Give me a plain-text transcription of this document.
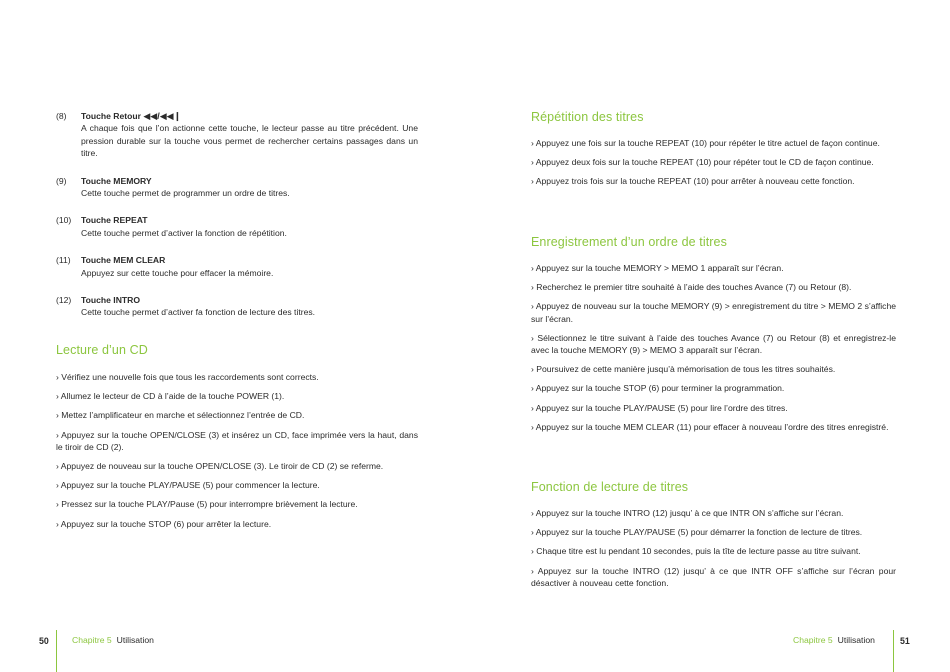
(8)	Touche Retour ◀◀/◀◀❙
A chaque fois que l’on actionne cette touche, le lecteur passe au titre précédent. Une pression durable sur la touche vous permet de rechercher certains passages dans un titre.
(9)	Touche MEMORY
Cette touche permet de programmer un ordre de titres.
(10)	Touche REPEAT
Cette touche permet d’activer la fonction de répétition.
(11)	Touche MEM CLEAR
Appuyez sur cette touche pour effacer la mémoire.
(12)	Touche INTRO
Cette touche permet d’activer fa fonction de lecture des titres.
Lecture d’un CD
› Vérifiez une nouvelle fois que tous les raccordements sont corrects.
› Allumez le lecteur de CD à l’aide de la touche POWER (1).
› Mettez l’amplificateur en marche et sélectionnez l’entrée de CD.
› Appuyez sur la touche OPEN/CLOSE (3) et insérez un CD, face imprimée vers la haut, dans le tiroir de CD (2).
› Appuyez de nouveau sur la touche OPEN/CLOSE (3). Le tiroir de CD (2) se referme.
› Appuyez sur la touche PLAY/PAUSE (5) pour commencer la lecture.
› Pressez sur la touche PLAY/Pause (5) pour interrompre brièvement la lecture.
› Appuyez sur la touche STOP (6) pour arrêter la lecture.
50	Chapitre 5 Utilisation
Répétition des titres
› Appuyez une fois sur la touche REPEAT (10) pour répéter le titre actuel de façon continue.
› Appuyez deux fois sur la touche REPEAT (10) pour répéter tout le CD de façon continue.
› Appuyez trois fois sur la touche REPEAT (10) pour arrêter à nouveau cette fonction.
Enregistrement d’un ordre de titres
› Appuyez sur la touche MEMORY > MEMO 1 apparaît sur l’écran.
› Recherchez le premier titre souhaité à l’aide des touches Avance (7) ou Retour (8).
› Appuyez de nouveau sur la touche MEMORY (9) > enregistrement du titre > MEMO 2 s’affiche sur l’écran.
› Sélectionnez le titre suivant à l’aide des touches Avance (7) ou Retour (8) et enregistrez-le avec la touche MEMORY (9) > MEMO 3 apparaît sur l’écran.
› Poursuivez de cette manière jusqu’à mémorisation de tous les titres souhaités.
› Appuyez sur la touche STOP (6) pour terminer la programmation.
› Appuyez sur la touche PLAY/PAUSE (5) pour lire l’ordre des titres.
› Appuyez sur la touche MEM CLEAR (11) pour effacer à nouveau l’ordre des titres enregistré.
Fonction de lecture de titres
› Appuyez sur la touche INTRO (12) jusqu’ à ce que INTR ON s’affiche sur l’écran.
› Appuyez sur la touche PLAY/PAUSE (5) pour démarrer la fonction de lecture de titres.
› Chaque titre est lu pendant 10 secondes, puis la tîte de lecture passe au titre suivant.
› Appuyez sur la touche INTRO (12) jusqu’ à ce que INTR OFF s’affiche sur l’écran pour désactiver à nouveau cette fonction.
Chapitre 5 Utilisation	51
